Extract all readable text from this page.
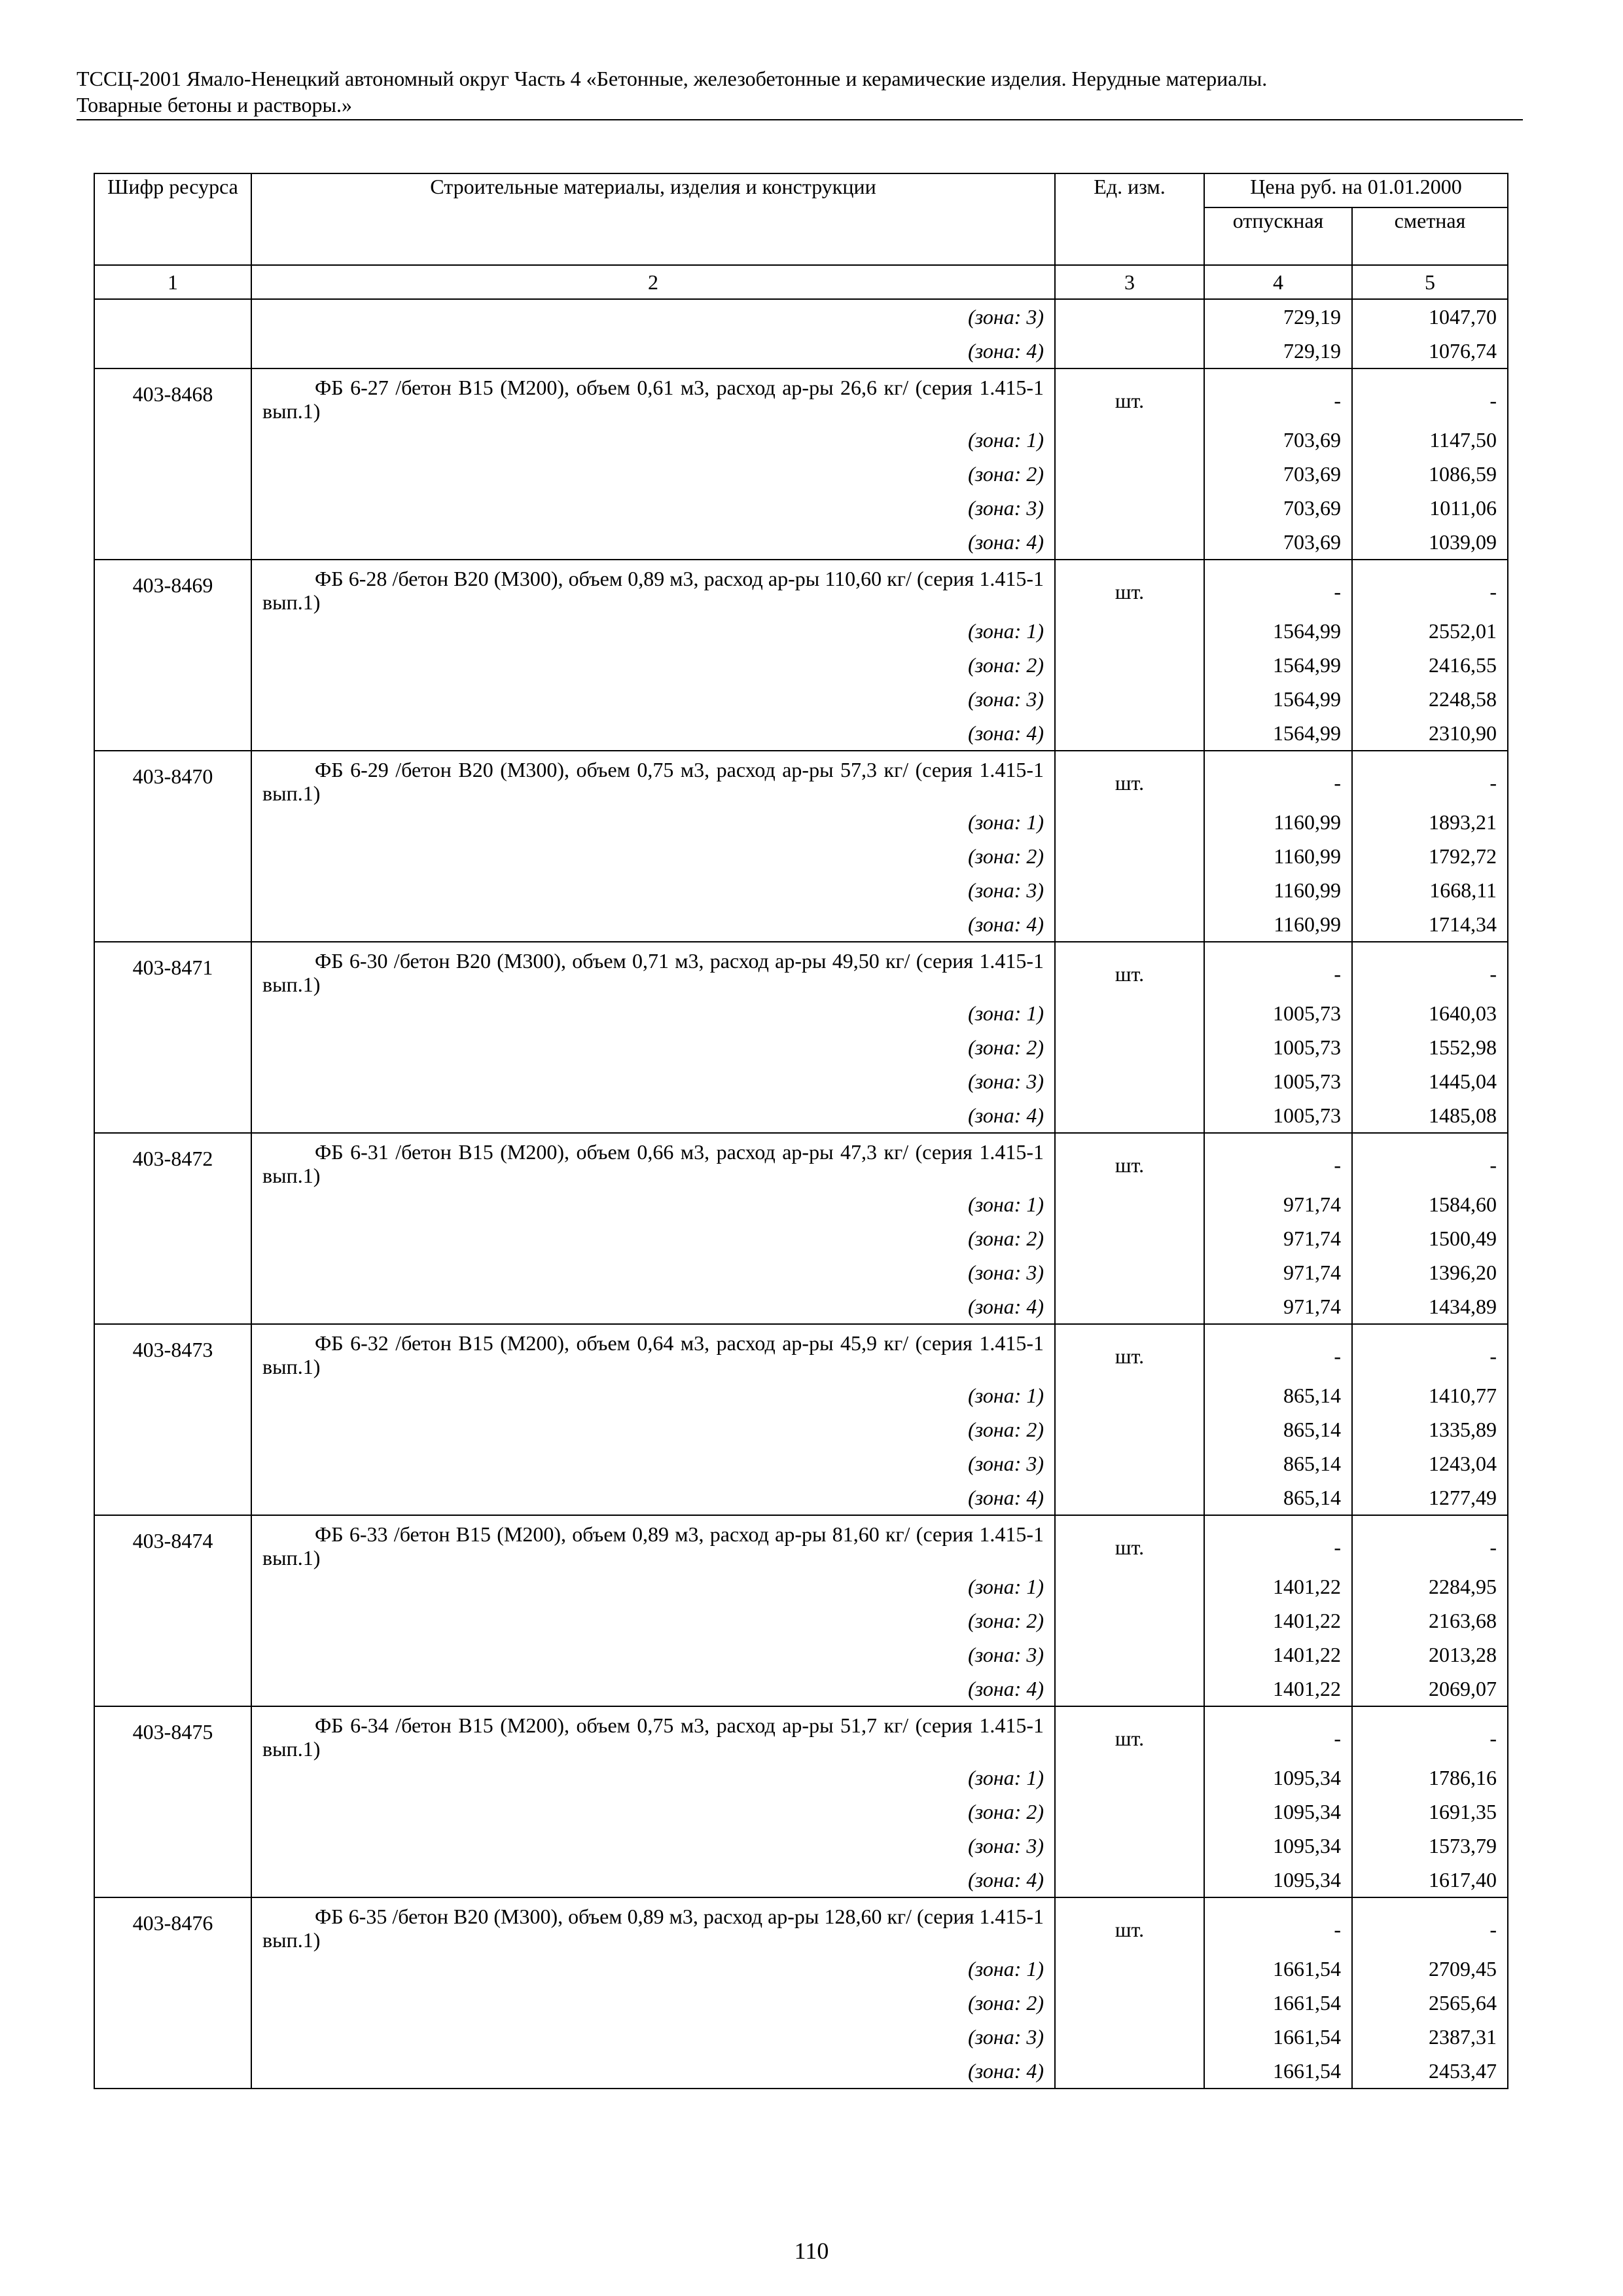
ТССЦ-2001 Ямало-Ненецкий автономный округ Часть 4 «Бетонные, железобетонные и керамические изделия. Нерудные материалы.
Товарные бетоны и растворы.»
Шифр ресурса	Строительные материалы, изделия и конструкции	Ед. изм.	Цена руб. на 01.01.2000	
			отпускная	сметная
1	2	3	4	5
	(зона: 3)		729,19	1047,70
	(зона: 4)		729,19	1076,74
403-8468	ФБ 6-27 /бетон В15 (М200), объем 0,61 м3, расход ар-ры 26,6 кг/ (серия 1.415-1 вып.1)	шт.	-	-
	(зона: 1)		703,69	1147,50
	(зона: 2)		703,69	1086,59
	(зона: 3)		703,69	1011,06
	(зона: 4)		703,69	1039,09
403-8469	ФБ 6-28 /бетон В20 (М300), объем 0,89 м3, расход ар-ры 110,60 кг/ (серия 1.415-1 вып.1)	шт.	-	-
	(зона: 1)		1564,99	2552,01
	(зона: 2)		1564,99	2416,55
	(зона: 3)		1564,99	2248,58
	(зона: 4)		1564,99	2310,90
403-8470	ФБ 6-29 /бетон В20 (М300), объем 0,75 м3, расход ар-ры 57,3 кг/ (серия 1.415-1 вып.1)	шт.	-	-
	(зона: 1)		1160,99	1893,21
	(зона: 2)		1160,99	1792,72
	(зона: 3)		1160,99	1668,11
	(зона: 4)		1160,99	1714,34
403-8471	ФБ 6-30 /бетон В20 (М300), объем 0,71 м3, расход ар-ры 49,50 кг/ (серия 1.415-1 вып.1)	шт.	-	-
	(зона: 1)		1005,73	1640,03
	(зона: 2)		1005,73	1552,98
	(зона: 3)		1005,73	1445,04
	(зона: 4)		1005,73	1485,08
403-8472	ФБ 6-31 /бетон В15 (М200), объем 0,66 м3, расход ар-ры 47,3 кг/ (серия 1.415-1 вып.1)	шт.	-	-
	(зона: 1)		971,74	1584,60
	(зона: 2)		971,74	1500,49
	(зона: 3)		971,74	1396,20
	(зона: 4)		971,74	1434,89
403-8473	ФБ 6-32 /бетон В15 (М200), объем 0,64 м3, расход ар-ры 45,9 кг/ (серия 1.415-1 вып.1)	шт.	-	-
	(зона: 1)		865,14	1410,77
	(зона: 2)		865,14	1335,89
	(зона: 3)		865,14	1243,04
	(зона: 4)		865,14	1277,49
403-8474	ФБ 6-33 /бетон В15 (М200), объем 0,89 м3, расход ар-ры 81,60 кг/ (серия 1.415-1 вып.1)	шт.	-	-
	(зона: 1)		1401,22	2284,95
	(зона: 2)		1401,22	2163,68
	(зона: 3)		1401,22	2013,28
	(зона: 4)		1401,22	2069,07
403-8475	ФБ 6-34 /бетон В15 (М200), объем 0,75 м3, расход ар-ры 51,7 кг/ (серия 1.415-1 вып.1)	шт.	-	-
	(зона: 1)		1095,34	1786,16
	(зона: 2)		1095,34	1691,35
	(зона: 3)		1095,34	1573,79
	(зона: 4)		1095,34	1617,40
403-8476	ФБ 6-35 /бетон В20 (М300), объем 0,89 м3, расход ар-ры 128,60 кг/ (серия 1.415-1 вып.1)	шт.	-	-
	(зона: 1)		1661,54	2709,45
	(зона: 2)		1661,54	2565,64
	(зона: 3)		1661,54	2387,31
	(зона: 4)		1661,54	2453,47
110
